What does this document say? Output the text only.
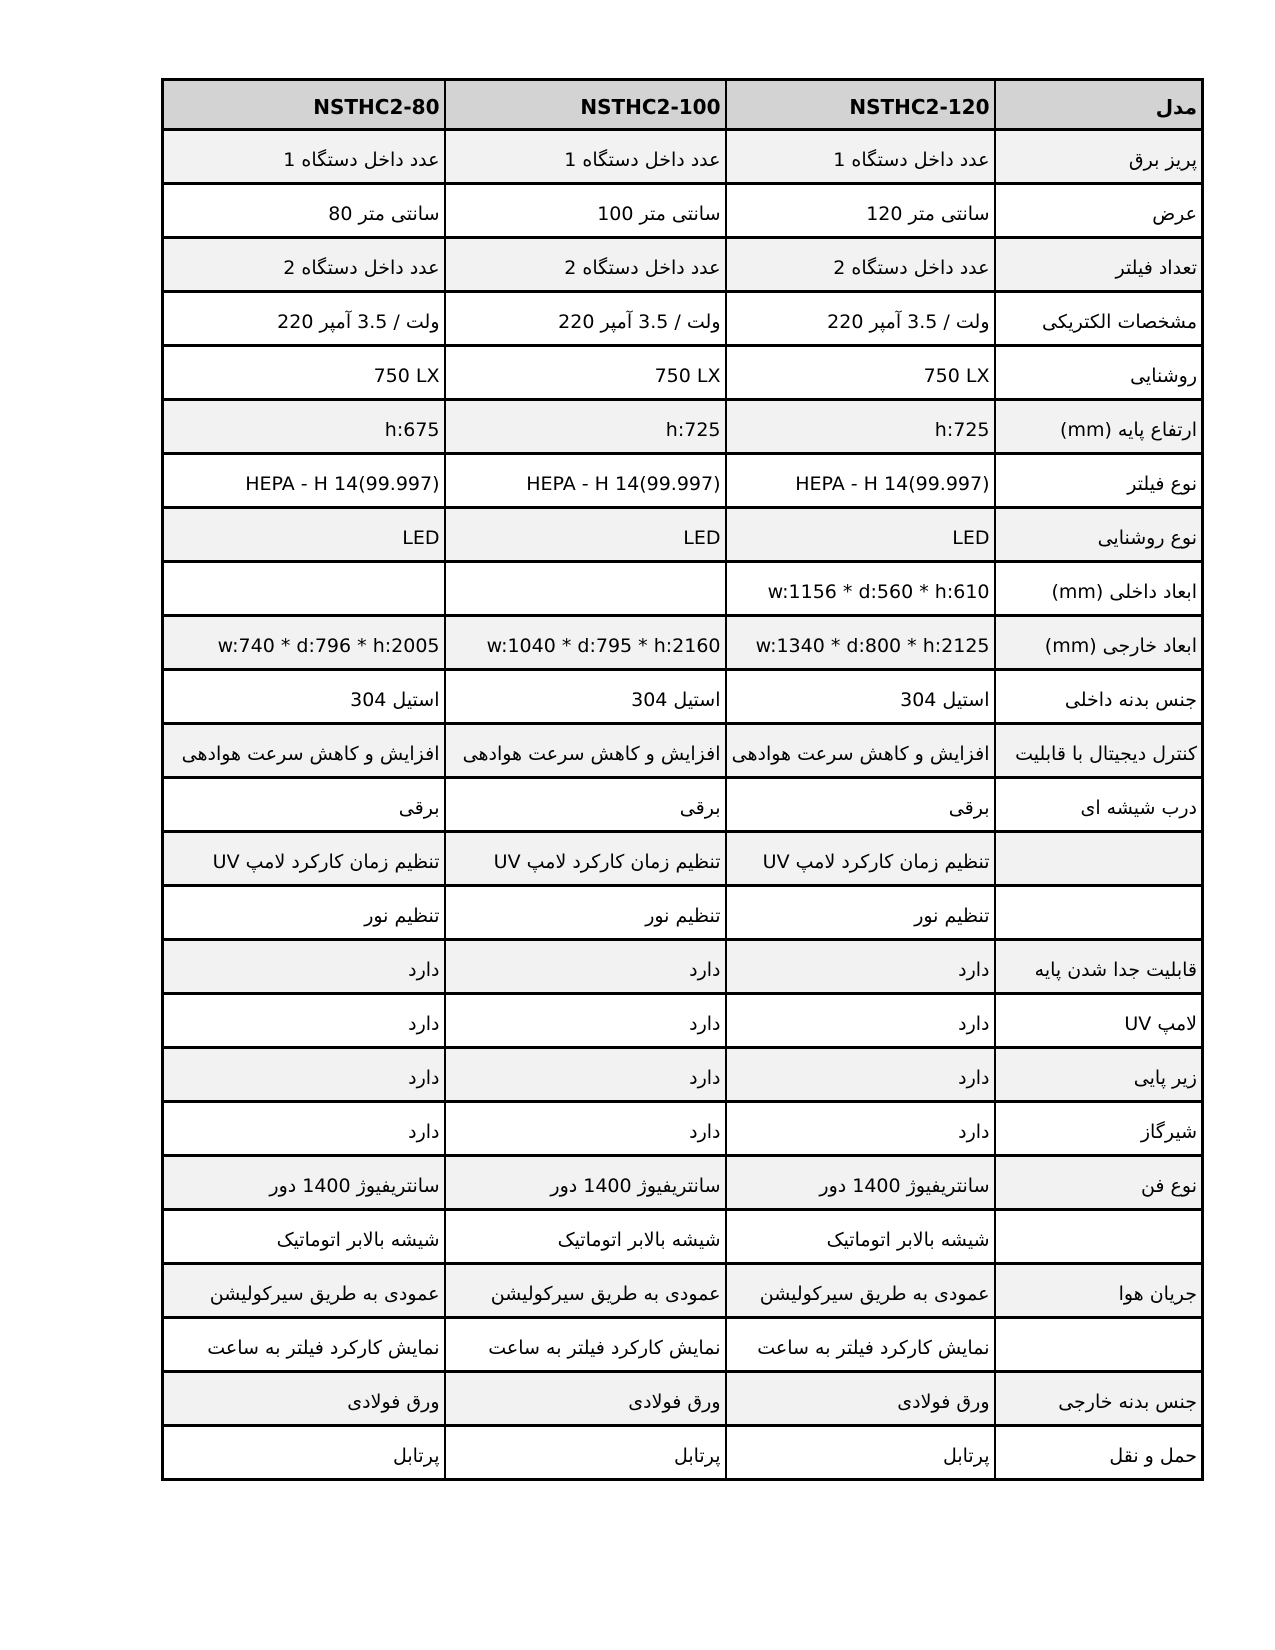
مدل	NSTHC2-120	NSTHC2-100	NSTHC2-80
پریز برق	عدد داخل دستگاه 1	عدد داخل دستگاه 1	عدد داخل دستگاه 1
عرض	سانتی متر 120	سانتی متر 100	سانتی متر 80
تعداد فیلتر	عدد داخل دستگاه 2	عدد داخل دستگاه 2	عدد داخل دستگاه 2
مشخصات الکتریکی	ولت / 3.5 آمپر 220	ولت / 3.5 آمپر 220	ولت / 3.5 آمپر 220
روشنایی	750 LX	750 LX	750 LX
ارتفاع پایه (mm)	h:725	h:725	h:675
نوع فیلتر	HEPA - H 14(99.997)	HEPA - H 14(99.997)	HEPA - H 14(99.997)
نوع روشنایی	LED	LED	LED
ابعاد داخلی (mm)	w:1156 * d:560 * h:610		
ابعاد خارجی (mm)	w:1340 * d:800 * h:2125	w:1040 * d:795 * h:2160	w:740 * d:796 * h:2005
جنس بدنه داخلی	استیل 304	استیل 304	استیل 304
کنترل دیجیتال با قابلیت	افزایش و کاهش سرعت هوادهی	افزایش و کاهش سرعت هوادهی	افزایش و کاهش سرعت هوادهی
درب شیشه ای	برقی	برقی	برقی
	تنظیم زمان کارکرد لامپ UV	تنظیم زمان کارکرد لامپ UV	تنظیم زمان کارکرد لامپ UV
	تنظیم نور	تنظیم نور	تنظیم نور
قابلیت جدا شدن پایه	دارد	دارد	دارد
لامپ UV	دارد	دارد	دارد
زیر پایی	دارد	دارد	دارد
شیرگاز	دارد	دارد	دارد
نوع فن	سانتریفیوژ 1400 دور	سانتریفیوژ 1400 دور	سانتریفیوژ 1400 دور
	شیشه بالابر اتوماتیک	شیشه بالابر اتوماتیک	شیشه بالابر اتوماتیک
جریان هوا	عمودی به طریق سیرکولیشن	عمودی به طریق سیرکولیشن	عمودی به طریق سیرکولیشن
	نمایش کارکرد فیلتر به ساعت	نمایش کارکرد فیلتر به ساعت	نمایش کارکرد فیلتر به ساعت
جنس بدنه خارجی	ورق فولادی	ورق فولادی	ورق فولادی
حمل و نقل	پرتابل	پرتابل	پرتابل
